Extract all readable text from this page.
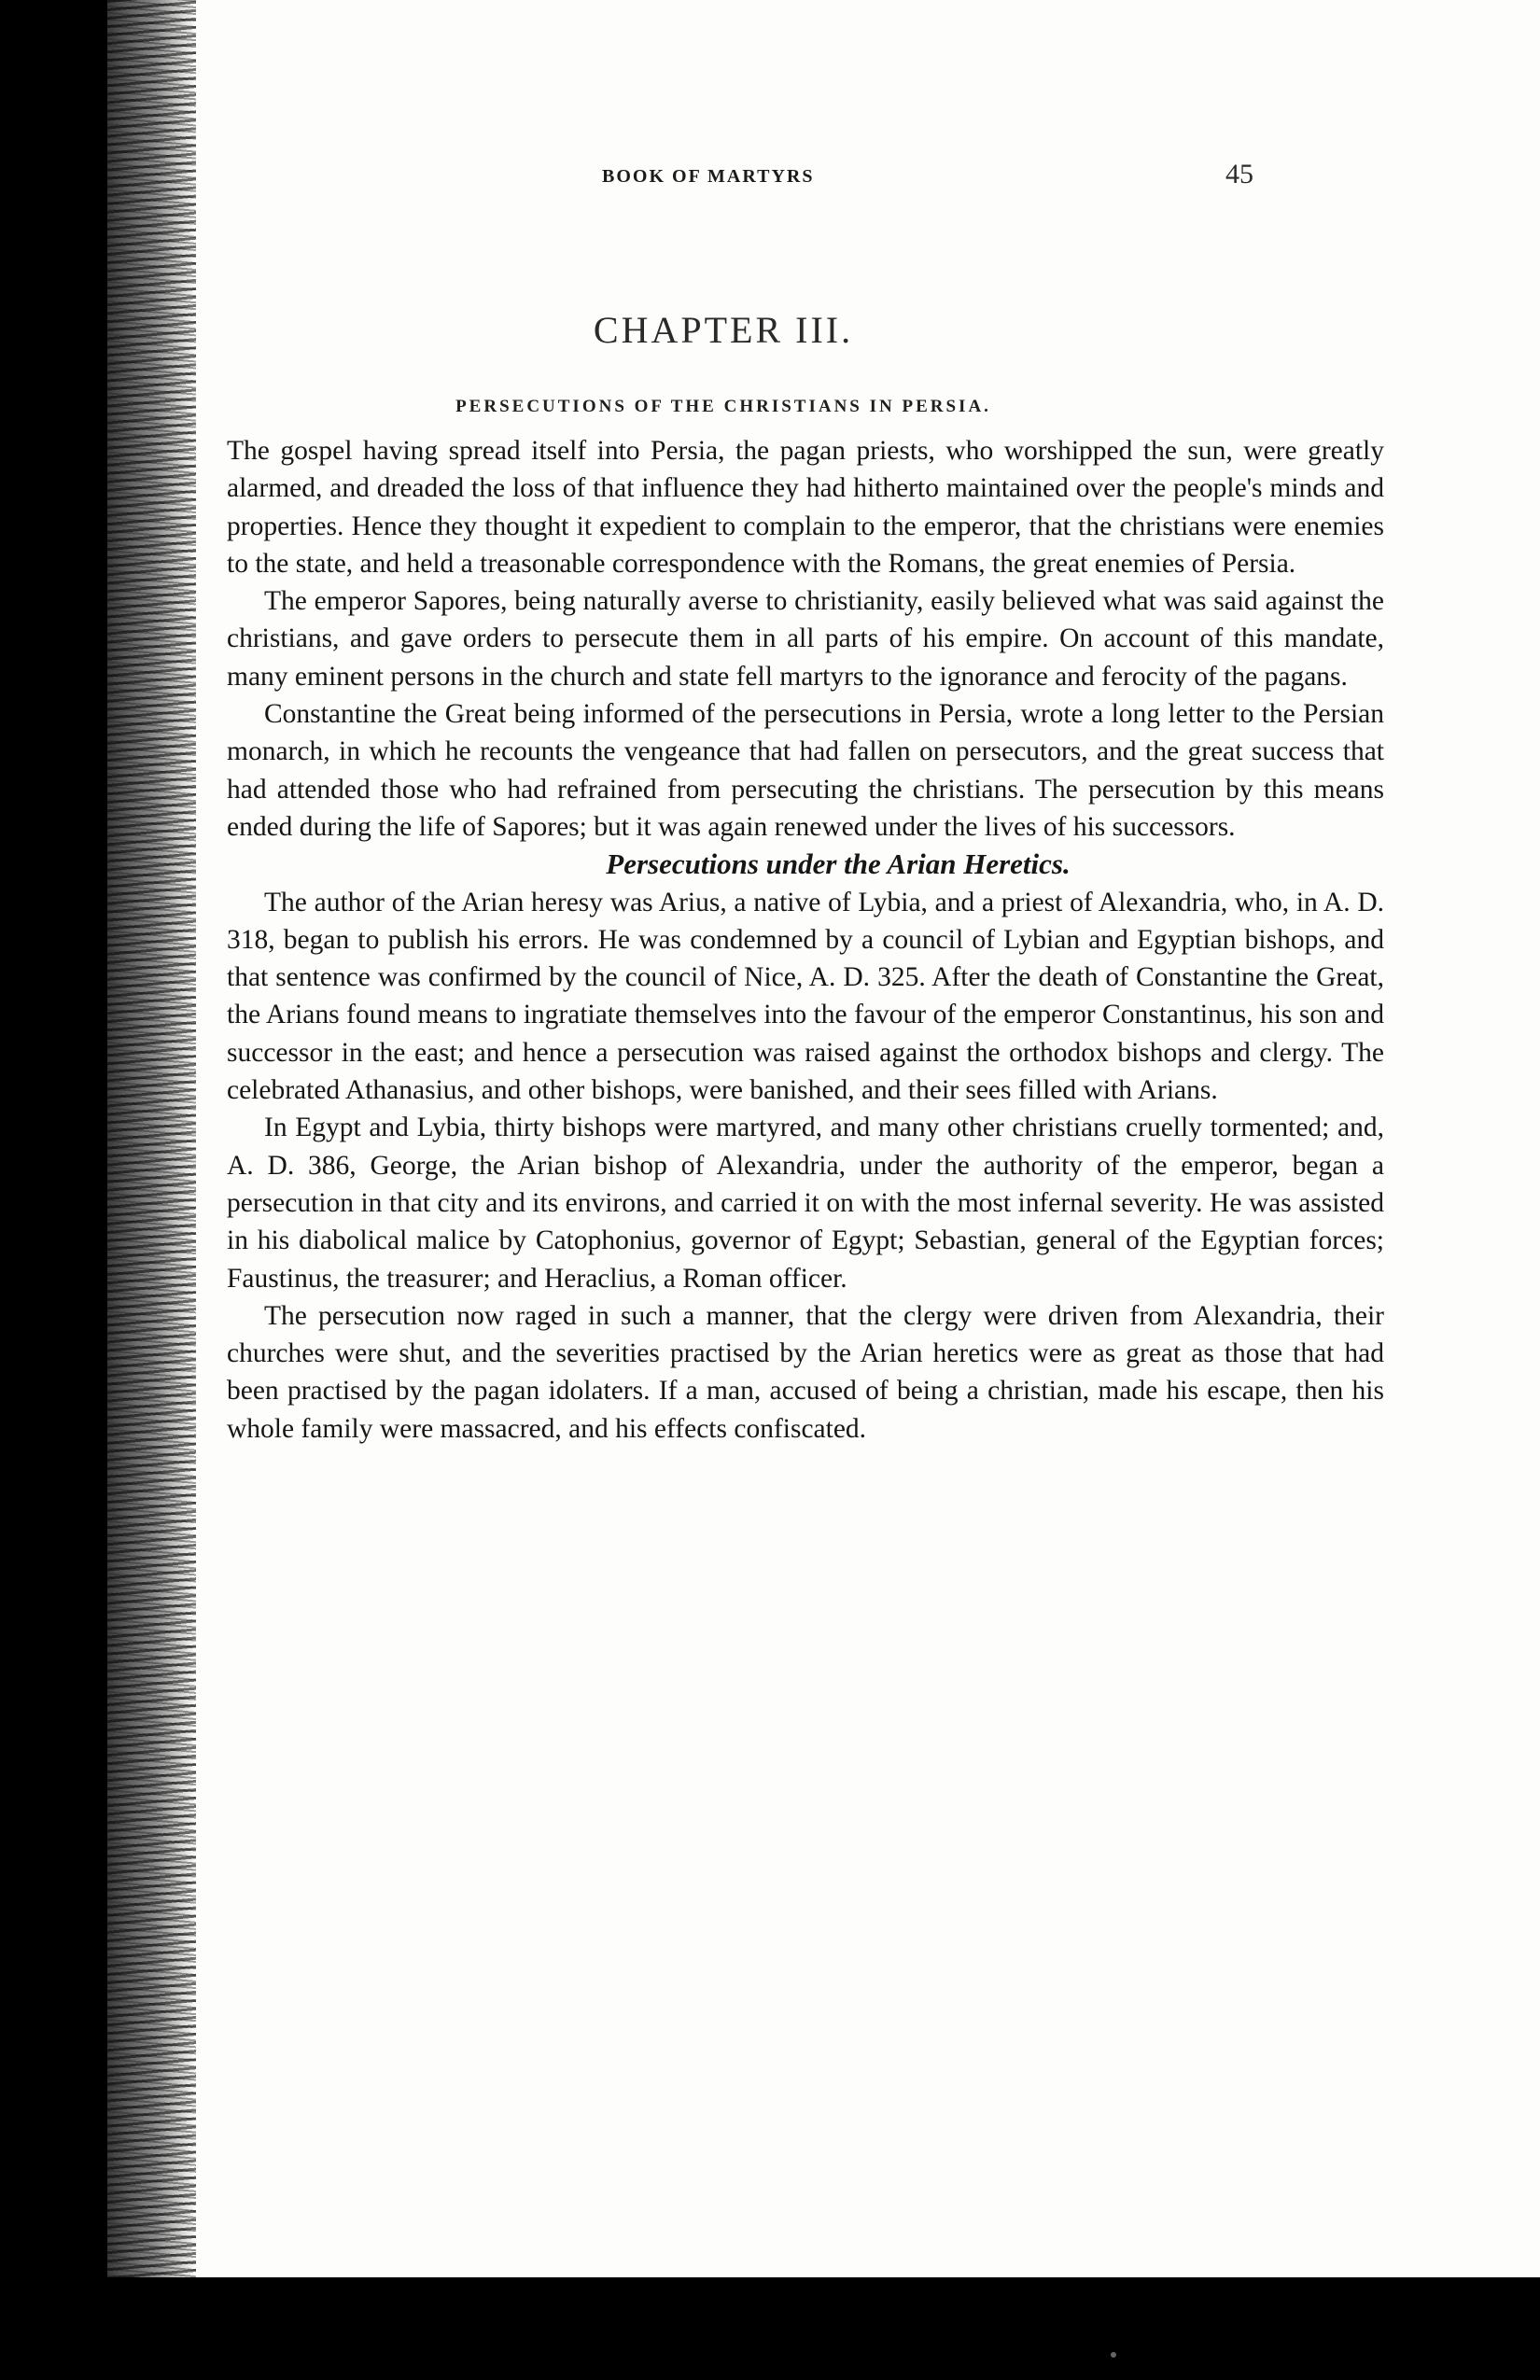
BOOK OF MARTYRS	45
CHAPTER III.
PERSECUTIONS OF THE CHRISTIANS IN PERSIA.

The gospel having spread itself into Persia, the pagan priests, who worshipped the sun, were greatly alarmed, and dreaded the loss of that influence they had hitherto maintained over the people's minds and properties. Hence they thought it expedient to complain to the emperor, that the christians were enemies to the state, and held a treasonable correspondence with the Romans, the great enemies of Persia.

The emperor Sapores, being naturally averse to christianity, easily believed what was said against the christians, and gave orders to persecute them in all parts of his empire. On account of this mandate, many eminent persons in the church and state fell martyrs to the ignorance and ferocity of the pagans.

Constantine the Great being informed of the persecutions in Persia, wrote a long letter to the Persian monarch, in which he recounts the vengeance that had fallen on persecutors, and the great success that had attended those who had refrained from persecuting the christians. The persecution by this means ended during the life of Sapores; but it was again renewed under the lives of his successors.

Persecutions under the Arian Heretics.

The author of the Arian heresy was Arius, a native of Lybia, and a priest of Alexandria, who, in A. D. 318, began to publish his errors. He was condemned by a council of Lybian and Egyptian bishops, and that sentence was confirmed by the council of Nice, A. D. 325. After the death of Constantine the Great, the Arians found means to ingratiate themselves into the favour of the emperor Constantinus, his son and successor in the east; and hence a persecution was raised against the orthodox bishops and clergy. The celebrated Athanasius, and other bishops, were banished, and their sees filled with Arians.

In Egypt and Lybia, thirty bishops were martyred, and many other christians cruelly tormented; and, A. D. 386, George, the Arian bishop of Alexandria, under the authority of the emperor, began a persecution in that city and its environs, and carried it on with the most infernal severity. He was assisted in his diabolical malice by Catophonius, governor of Egypt; Sebastian, general of the Egyptian forces; Faustinus, the treasurer; and Heraclius, a Roman officer.

The persecution now raged in such a manner, that the clergy were driven from Alexandria, their churches were shut, and the severities practised by the Arian heretics were as great as those that had been practised by the pagan idolaters. If a man, accused of being a christian, made his escape, then his whole family were massacred, and his effects confiscated.
